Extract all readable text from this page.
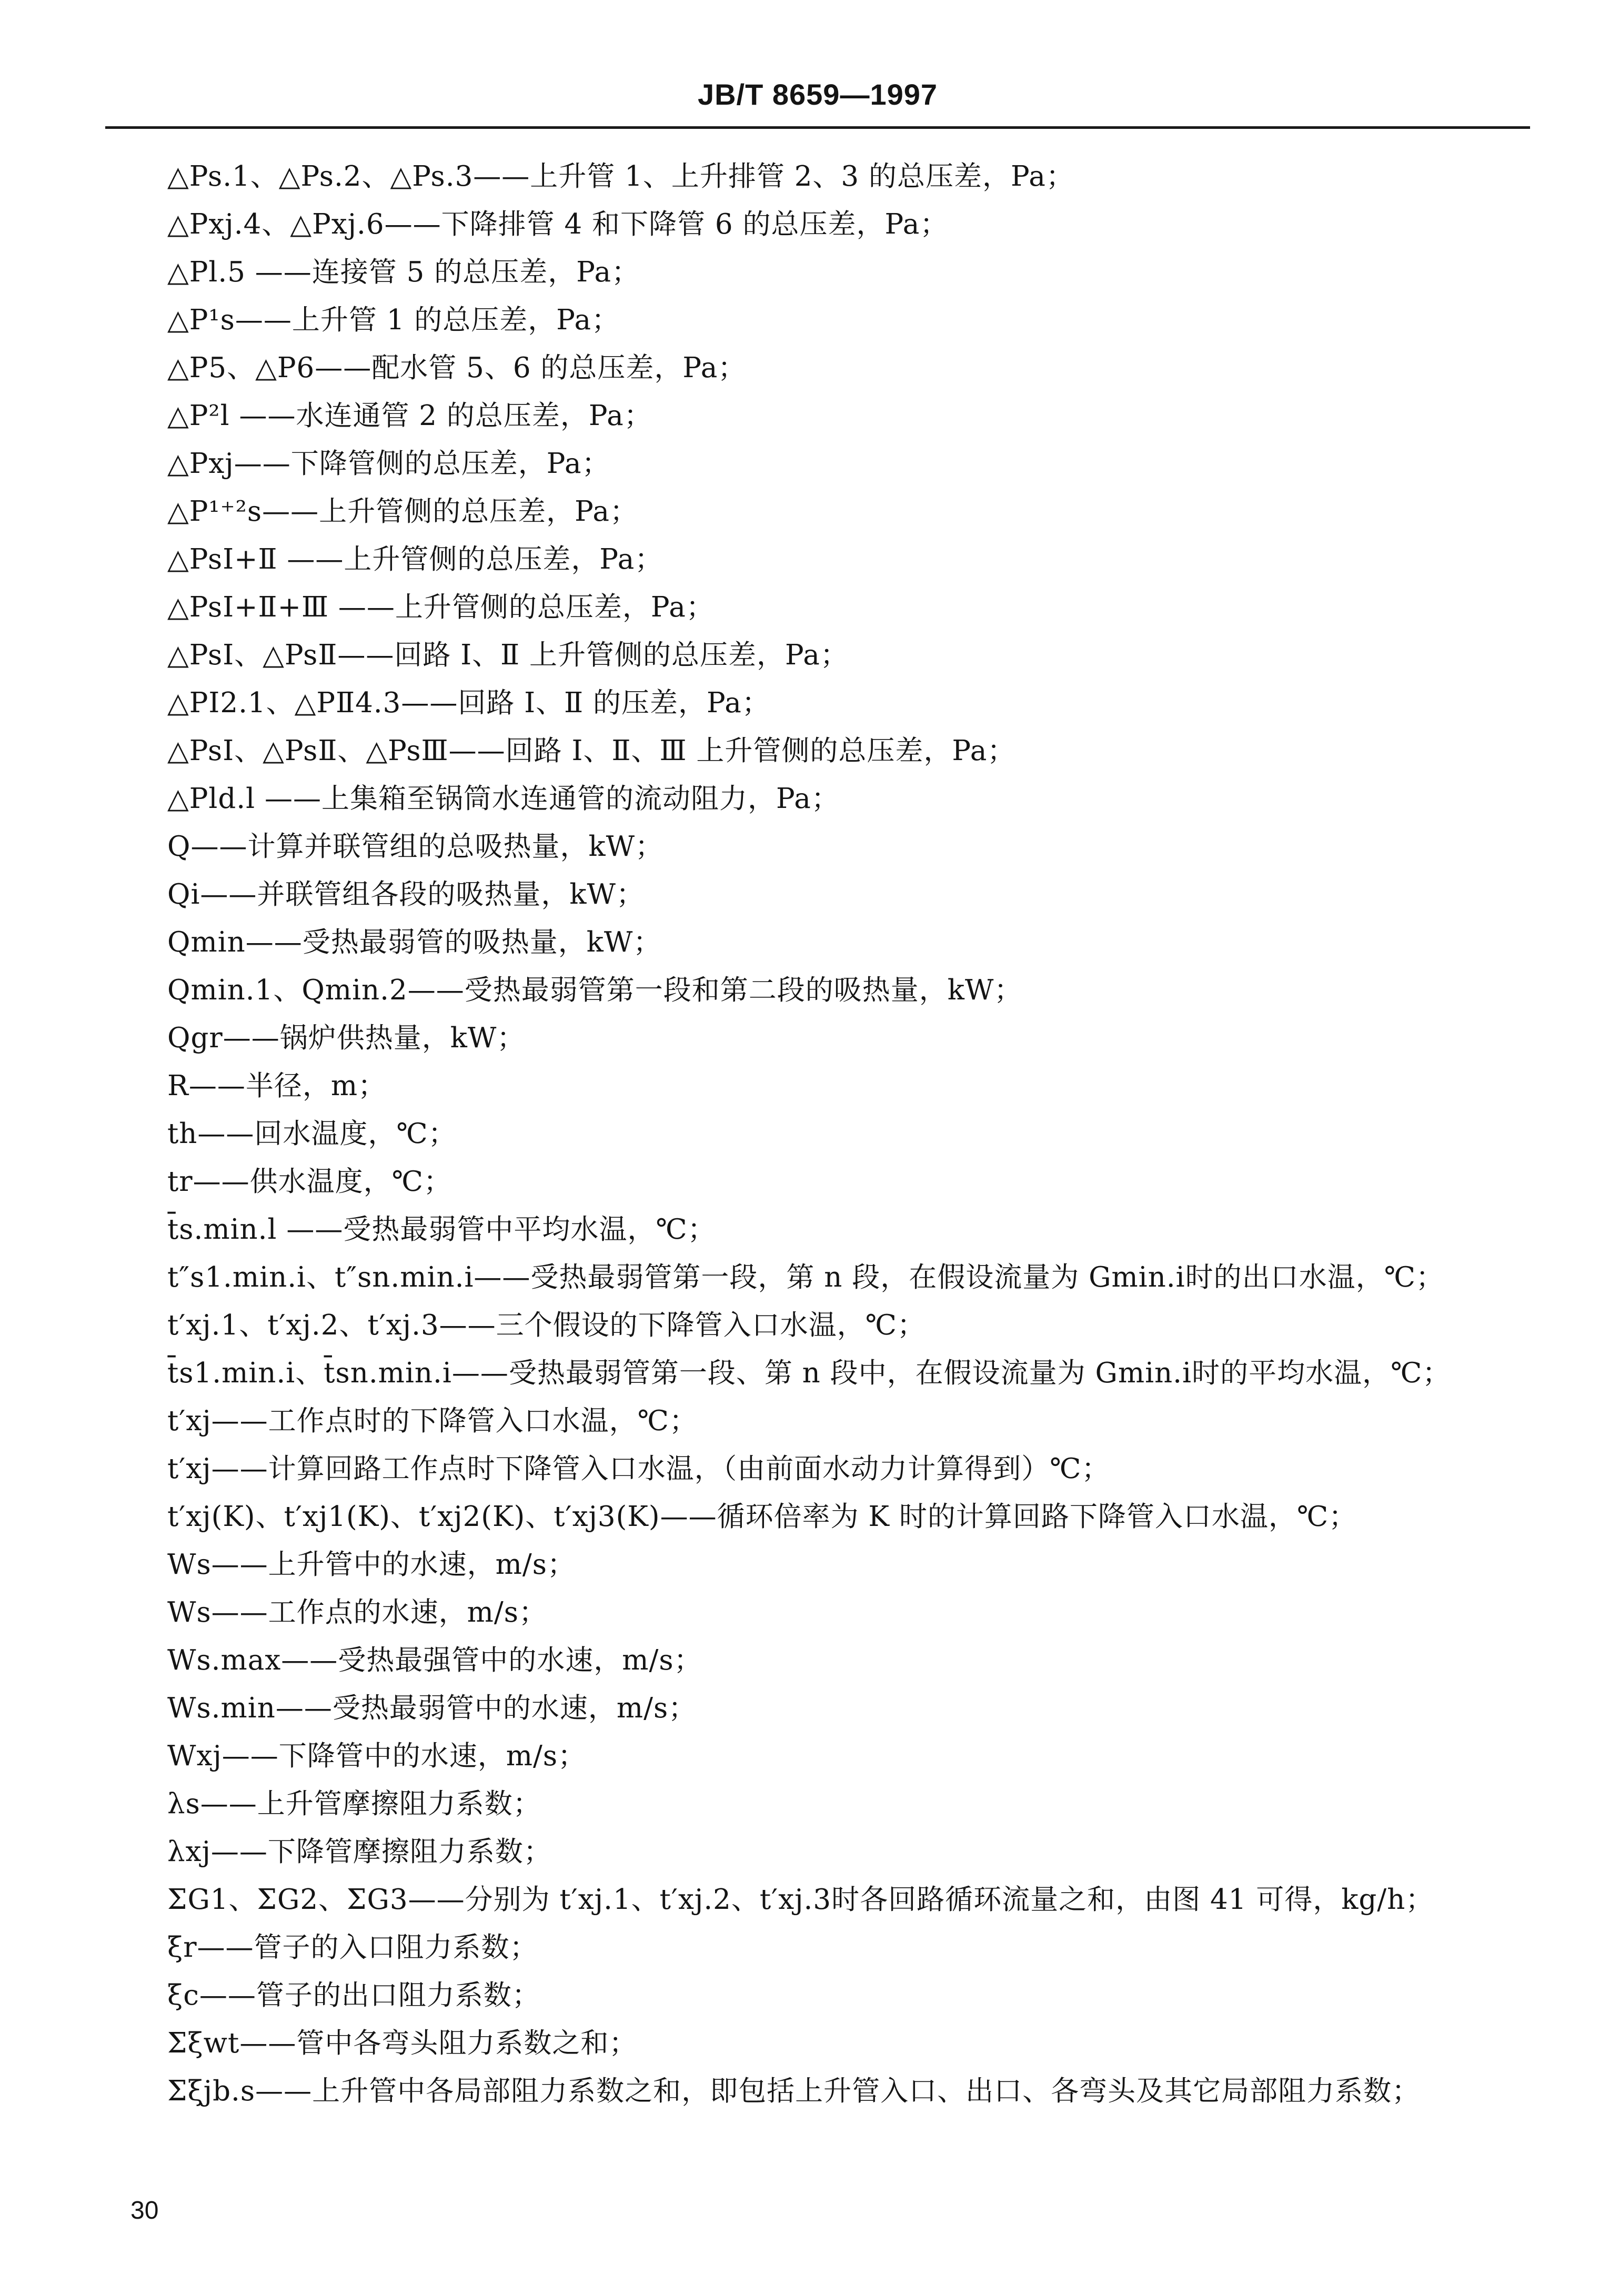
JB/T 8659—1997
△Ps.1、△Ps.2、△Ps.3——上升管 1、上升排管 2、3 的总压差，Pa；
△Pxj.4、△Pxj.6——下降排管 4 和下降管 6 的总压差，Pa；
△Pl.5 ——连接管 5 的总压差，Pa；
△P¹s——上升管 1 的总压差，Pa；
△P5、△P6——配水管 5、6 的总压差，Pa；
△P²l ——水连通管 2 的总压差，Pa；
△Pxj——下降管侧的总压差，Pa；
△P¹⁺²s——上升管侧的总压差，Pa；
△PsⅠ+Ⅱ ——上升管侧的总压差，Pa；
△PsⅠ+Ⅱ+Ⅲ ——上升管侧的总压差，Pa；
△PsⅠ、△PsⅡ——回路 Ⅰ、Ⅱ 上升管侧的总压差，Pa；
△PⅠ2.1、△PⅡ4.3——回路 Ⅰ、Ⅱ 的压差，Pa；
△PsⅠ、△PsⅡ、△PsⅢ——回路 Ⅰ、Ⅱ、Ⅲ 上升管侧的总压差，Pa；
△Pld.l ——上集箱至锅筒水连通管的流动阻力，Pa；
Q——计算并联管组的总吸热量，kW；
Qi——并联管组各段的吸热量，kW；
Qmin——受热最弱管的吸热量，kW；
Qmin.1、Qmin.2——受热最弱管第一段和第二段的吸热量，kW；
Qgr——锅炉供热量，kW；
R——半径，m；
th——回水温度，℃；
tr——供水温度，℃；
t̄s.min.l ——受热最弱管中平均水温，℃；
t″s1.min.i、t″sn.min.i——受热最弱管第一段，第 n 段，在假设流量为 Gmin.i时的出口水温，℃；
t′xj.1、t′xj.2、t′xj.3——三个假设的下降管入口水温，℃；
t̄s1.min.i、t̄sn.min.i——受热最弱管第一段、第 n 段中，在假设流量为 Gmin.i时的平均水温，℃；
t′xj——工作点时的下降管入口水温，℃；
t′xj——计算回路工作点时下降管入口水温，（由前面水动力计算得到）℃；
t′xj(K)、t′xj1(K)、t′xj2(K)、t′xj3(K)——循环倍率为 K 时的计算回路下降管入口水温，℃；
Ws——上升管中的水速，m/s；
Ws——工作点的水速，m/s；
Ws.max——受热最强管中的水速，m/s；
Ws.min——受热最弱管中的水速，m/s；
Wxj——下降管中的水速，m/s；
λs——上升管摩擦阻力系数；
λxj——下降管摩擦阻力系数；
ΣG1、ΣG2、ΣG3——分别为 t′xj.1、t′xj.2、t′xj.3时各回路循环流量之和，由图 41 可得，kg/h；
ξr——管子的入口阻力系数；
ξc——管子的出口阻力系数；
Σξwt——管中各弯头阻力系数之和；
Σξjb.s——上升管中各局部阻力系数之和，即包括上升管入口、出口、各弯头及其它局部阻力系数；
30
